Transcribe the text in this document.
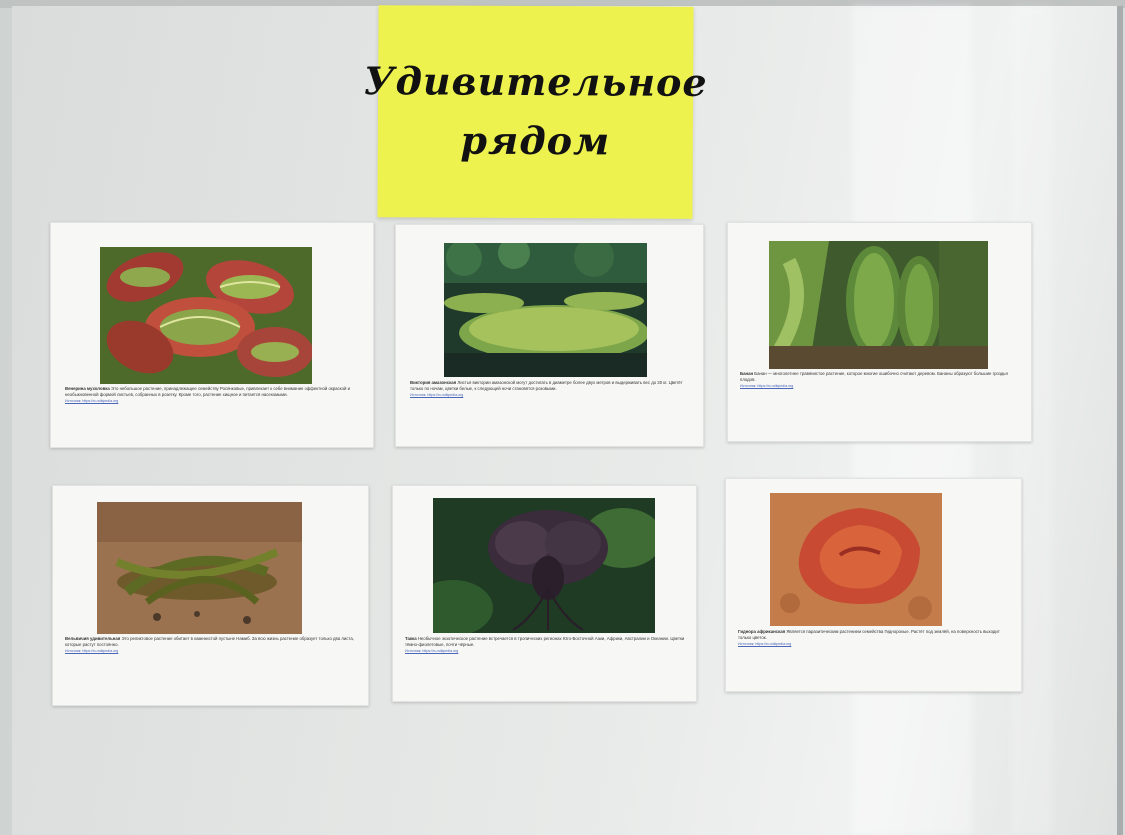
Удивительное
рядом
Венерина мухоловка Это небольшое растение, принадлежащее семейству Росянковые, привлекает к себе внимание эффектной окраской и необыкновенной формой листьев, собранных в розетку. Кроме того, растение хищное и питается насекомыми.
Источник: https://ru.wikipedia.org
Виктория амазонская Листья виктории амазонской могут достигать в диаметре более двух метров и выдерживать вес до 30 кг. Цветёт только по ночам, цветки белые, к следующей ночи становятся розовыми.
Источник: https://ru.wikipedia.org
Банан Банан — многолетнее травянистое растение, которое многие ошибочно считают деревом. Бананы образуют большие гроздья плодов.
Источник: https://ru.wikipedia.org
Вельвичия удивительная Это реликтовое растение обитает в каменистой пустыне Намиб. За всю жизнь растение образует только два листа, которые растут постоянно.
Источник: https://ru.wikipedia.org
Такка Необычное экзотическое растение встречается в тропических регионах Юго-Восточной Азии, Африки, Австралии и Океании. Цветки тёмно-фиолетовые, почти чёрные.
Источник: https://ru.wikipedia.org
Гиднора африканская Является паразитическим растением семейства Гиднорovые. Растёт под землёй, на поверхность выходит только цветок.
Источник: https://ru.wikipedia.org
